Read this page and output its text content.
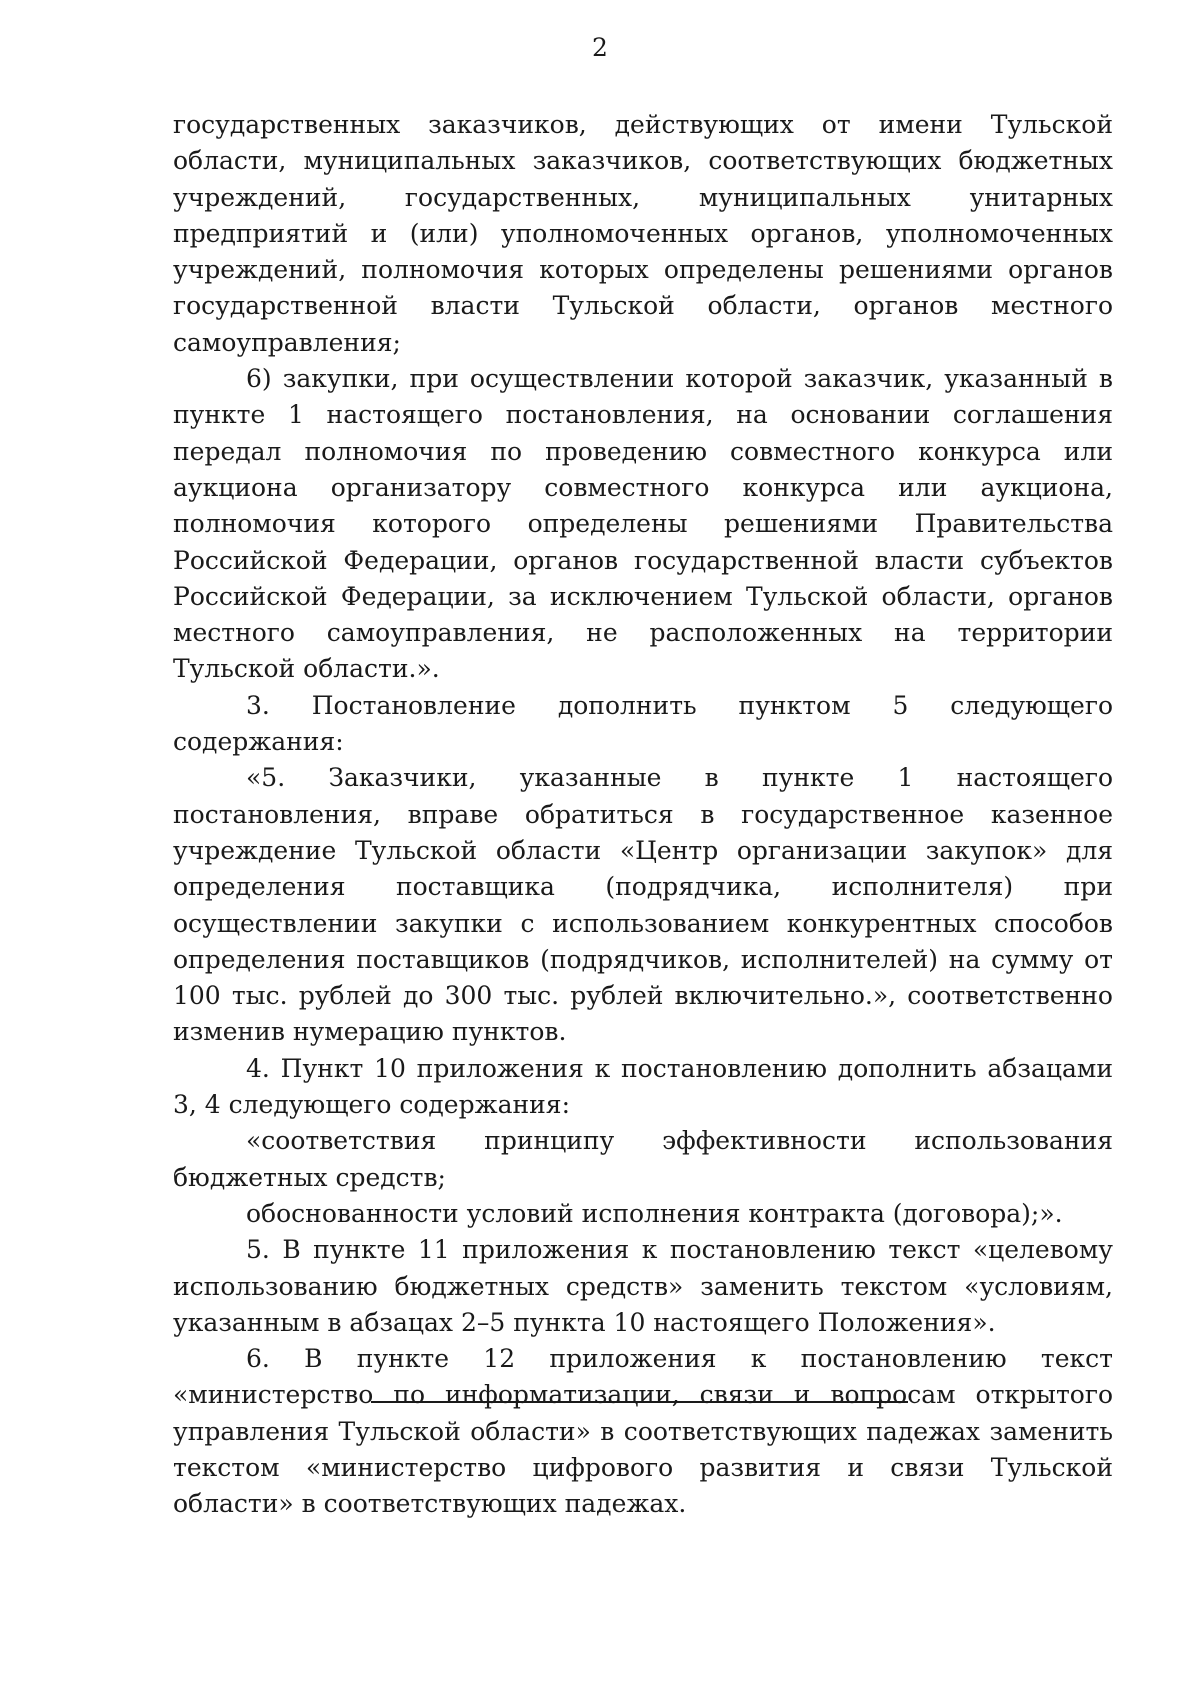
2

государственных заказчиков, действующих от имени Тульской области, муниципальных заказчиков, соответствующих бюджетных учреждений, государственных, муниципальных унитарных предприятий и (или) уполномоченных органов, уполномоченных учреждений, полномочия которых определены решениями органов государственной власти Тульской области, органов местного самоуправления;

6) закупки, при осуществлении которой заказчик, указанный в пункте 1 настоящего постановления, на основании соглашения передал полномочия по проведению совместного конкурса или аукциона организатору совместного конкурса или аукциона, полномочия которого определены решениями Правительства Российской Федерации, органов государственной власти субъектов Российской Федерации, за исключением Тульской области, органов местного самоуправления, не расположенных на территории Тульской области.».

3. Постановление дополнить пунктом 5 следующего содержания:

«5. Заказчики, указанные в пункте 1 настоящего постановления, вправе обратиться в государственное казенное учреждение Тульской области «Центр организации закупок» для определения поставщика (подрядчика, исполнителя) при осуществлении закупки с использованием конкурентных способов определения поставщиков (подрядчиков, исполнителей) на сумму от 100 тыс. рублей до 300 тыс. рублей включительно.», соответственно изменив нумерацию пунктов.

4. Пункт 10 приложения к постановлению дополнить абзацами 3, 4 следующего содержания:

«соответствия принципу эффективности использования бюджетных средств;

обоснованности условий исполнения контракта (договора);».

5. В пункте 11 приложения к постановлению текст «целевому использованию бюджетных средств» заменить текстом «условиям, указанным в абзацах 2–5 пункта 10 настоящего Положения».

6. В пункте 12 приложения к постановлению текст «министерство по информатизации, связи и вопросам открытого управления Тульской области» в соответствующих падежах заменить текстом «министерство цифрового развития и связи Тульской области» в соответствующих падежах.
